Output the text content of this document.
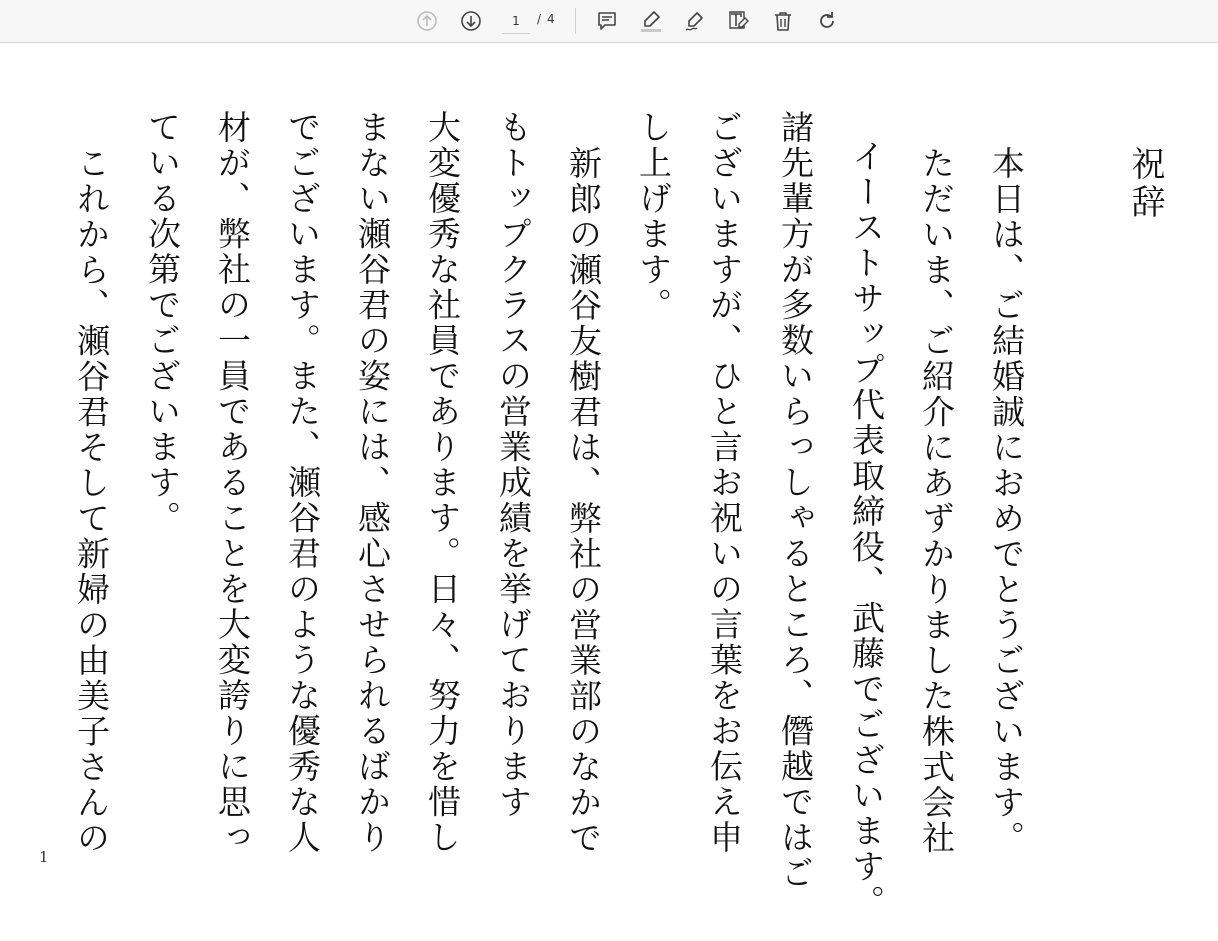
1
/ 4
祝辞
本日は、ご結婚誠におめでとうございます。
ただいま、ご紹介にあずかりました株式会社
イーストサップ代表取締役、武藤でございます。
諸先輩方が多数いらっしゃるところ、僭越ではご
ございますが、ひと言お祝いの言葉をお伝え申
し上げます。
新郎の瀬谷友樹君は、弊社の営業部のなかで
もトップクラスの営業成績を挙げております
大変優秀な社員であります。日々、努力を惜し
まない瀬谷君の姿には、感心させられるばかり
でございます。また、瀬谷君のような優秀な人
材が、弊社の一員であることを大変誇りに思っ
ている次第でございます。
これから、瀬谷君そして新婦の由美子さんの
1
